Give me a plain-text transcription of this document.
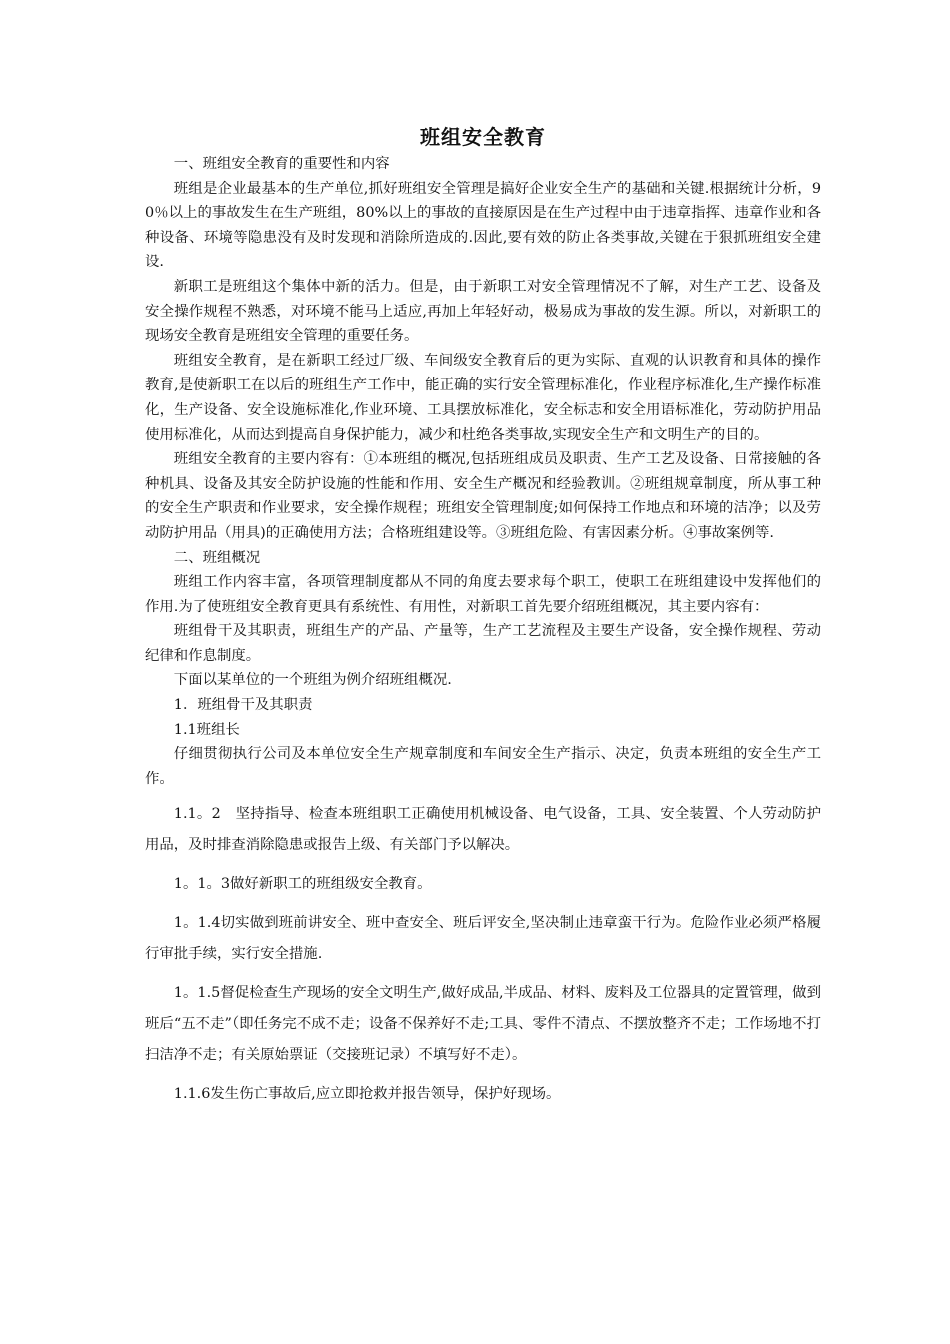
班组安全教育

一、班组安全教育的重要性和内容

班组是企业最基本的生产单位,抓好班组安全管理是搞好企业安全生产的基础和关键.根据统计分析，90％以上的事故发生在生产班组，80%以上的事故的直接原因是在生产过程中由于违章指挥、违章作业和各种设备、环境等隐患没有及时发现和消除所造成的.因此,要有效的防止各类事故,关键在于狠抓班组安全建设.

新职工是班组这个集体中新的活力。但是，由于新职工对安全管理情况不了解，对生产工艺、设备及安全操作规程不熟悉，对环境不能马上适应,再加上年轻好动，极易成为事故的发生源。所以，对新职工的现场安全教育是班组安全管理的重要任务。

班组安全教育，是在新职工经过厂级、车间级安全教育后的更为实际、直观的认识教育和具体的操作教育,是使新职工在以后的班组生产工作中，能正确的实行安全管理标准化，作业程序标准化,生产操作标准化，生产设备、安全设施标准化,作业环境、工具摆放标准化，安全标志和安全用语标准化，劳动防护用品使用标准化，从而达到提高自身保护能力，减少和杜绝各类事故,实现安全生产和文明生产的目的。

班组安全教育的主要内容有：①本班组的概况,包括班组成员及职责、生产工艺及设备、日常接触的各种机具、设备及其安全防护设施的性能和作用、安全生产概况和经验教训。②班组规章制度，所从事工种的安全生产职责和作业要求，安全操作规程；班组安全管理制度;如何保持工作地点和环境的洁净；以及劳动防护用品（用具)的正确使用方法；合格班组建设等。③班组危险、有害因素分析。④事故案例等.

二、班组概况

班组工作内容丰富，各项管理制度都从不同的角度去要求每个职工，使职工在班组建设中发挥他们的作用.为了使班组安全教育更具有系统性、有用性，对新职工首先要介绍班组概况，其主要内容有：

班组骨干及其职责，班组生产的产品、产量等，生产工艺流程及主要生产设备，安全操作规程、劳动纪律和作息制度。

下面以某单位的一个班组为例介绍班组概况.

1．班组骨干及其职责

1.1班组长

仔细贯彻执行公司及本单位安全生产规章制度和车间安全生产指示、决定，负责本班组的安全生产工作。

1.1。2　坚持指导、检查本班组职工正确使用机械设备、电气设备，工具、安全装置、个人劳动防护用品，及时排查消除隐患或报告上级、有关部门予以解决。

1。1。3做好新职工的班组级安全教育。

1。1.4切实做到班前讲安全、班中查安全、班后评安全,坚决制止违章蛮干行为。危险作业必须严格履行审批手续，实行安全措施.

1。1.5督促检查生产现场的安全文明生产,做好成品,半成品、材料、废料及工位器具的定置管理，做到班后“五不走”（即任务完不成不走；设备不保养好不走;工具、零件不清点、不摆放整齐不走；工作场地不打扫洁净不走；有关原始票证（交接班记录）不填写好不走）。

1.1.6发生伤亡事故后,应立即抢救并报告领导，保护好现场。
